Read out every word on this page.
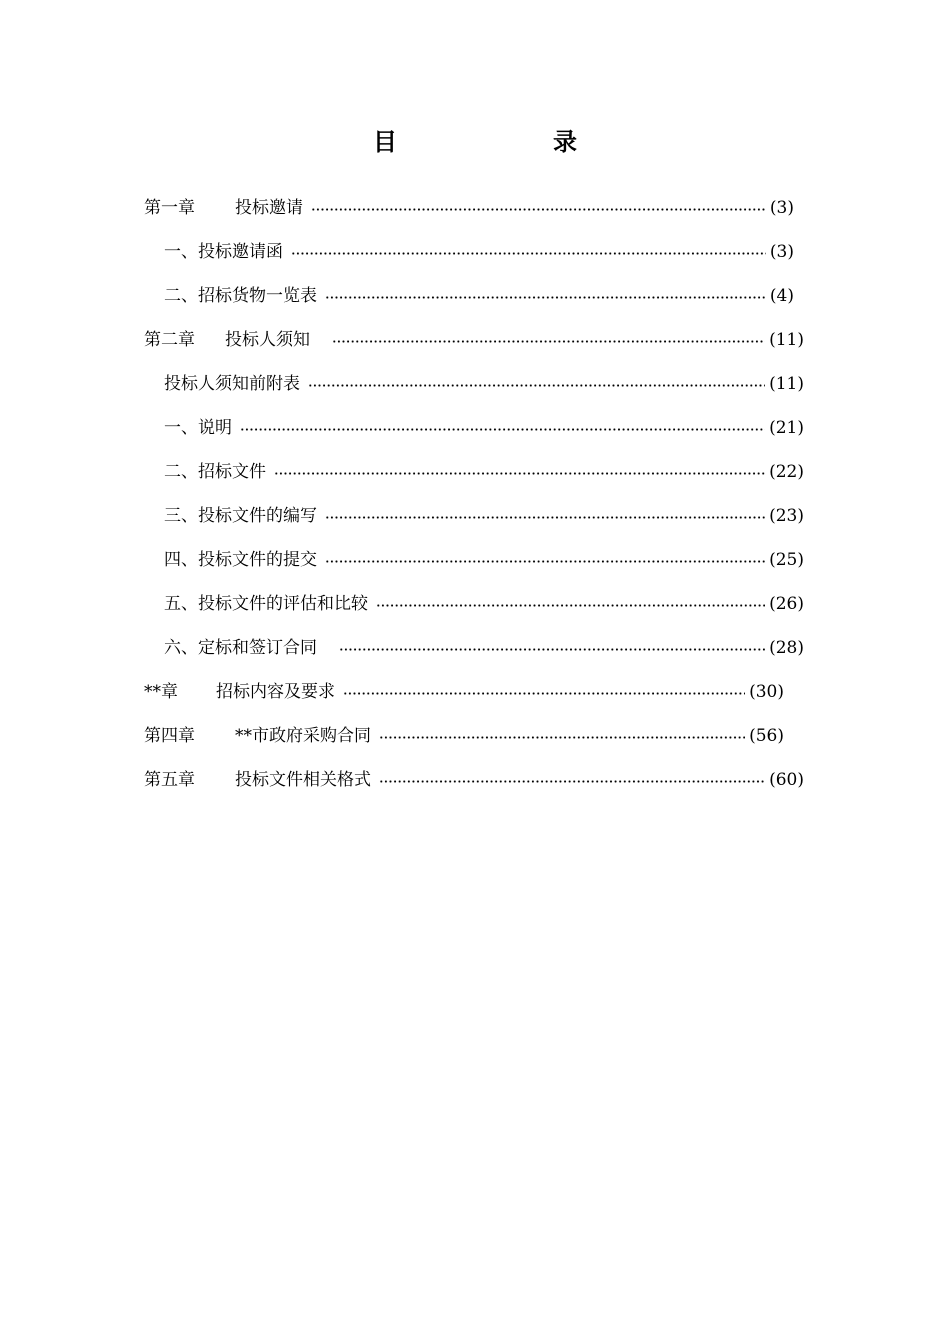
目　　录
第一章 投标邀请	(3)
一、投标邀请函	(3)
二、招标货物一览表	(4)
第二章 投标人须知	(11)
投标人须知前附表	(11)
一、说明	(21)
二、招标文件	(22)
三、投标文件的编写	(23)
四、投标文件的提交	(25)
五、投标文件的评估和比较	(26)
六、定标和签订合同	(28)
**章 招标内容及要求	(30)
第四章 **市政府采购合同	(56)
第五章 投标文件相关格式	(60)
